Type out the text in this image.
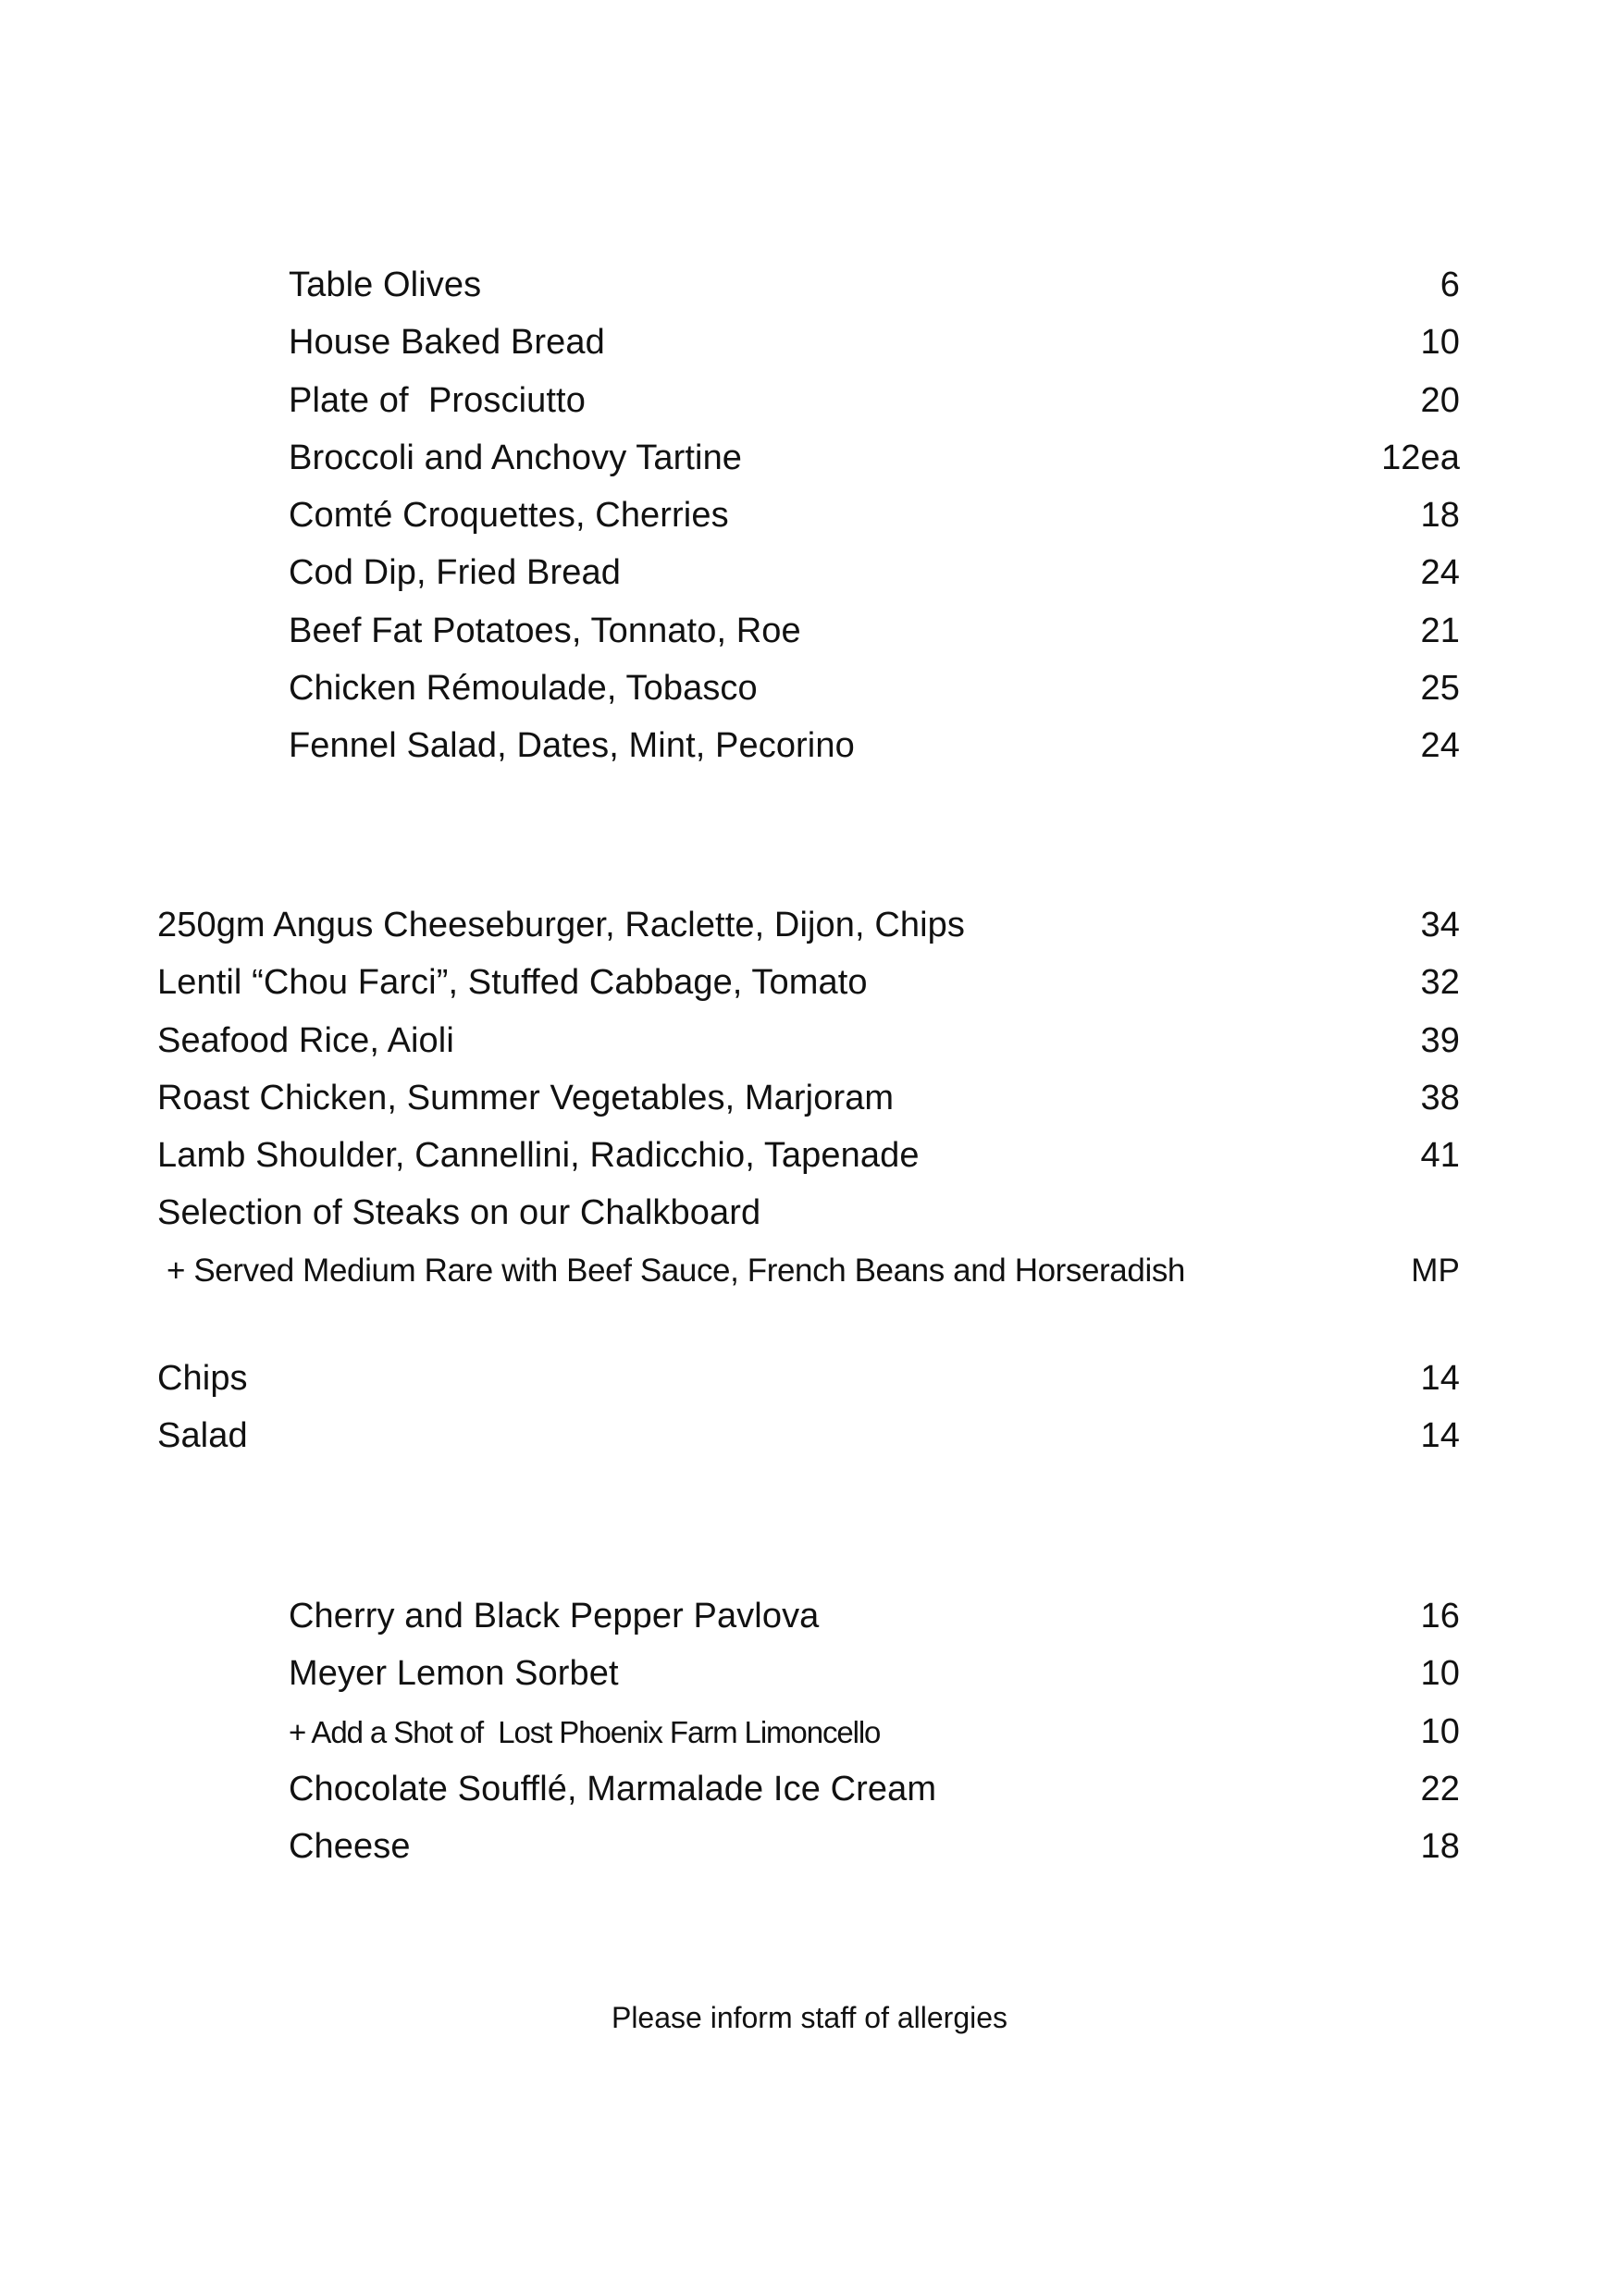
Table Olives	6
House Baked Bread	10
Plate of  Prosciutto	20
Broccoli and Anchovy Tartine	12ea
Comté Croquettes, Cherries	18
Cod Dip, Fried Bread	24
Beef Fat Potatoes, Tonnato, Roe	21
Chicken Rémoulade, Tobasco	25
Fennel Salad, Dates, Mint, Pecorino	24
250gm Angus Cheeseburger, Raclette, Dijon, Chips	34
Lentil “Chou Farci”, Stuffed Cabbage, Tomato	32
Seafood Rice, Aioli	39
Roast Chicken, Summer Vegetables, Marjoram	38
Lamb Shoulder, Cannellini, Radicchio, Tapenade	41
Selection of Steaks on our Chalkboard
+ Served Medium Rare with Beef Sauce, French Beans and Horseradish	MP
Chips	14
Salad	14
Cherry and Black Pepper Pavlova	16
Meyer Lemon Sorbet	10
+ Add a Shot of  Lost Phoenix Farm Limoncello	10
Chocolate Soufflé, Marmalade Ice Cream	22
Cheese	18
Please inform staff of allergies
